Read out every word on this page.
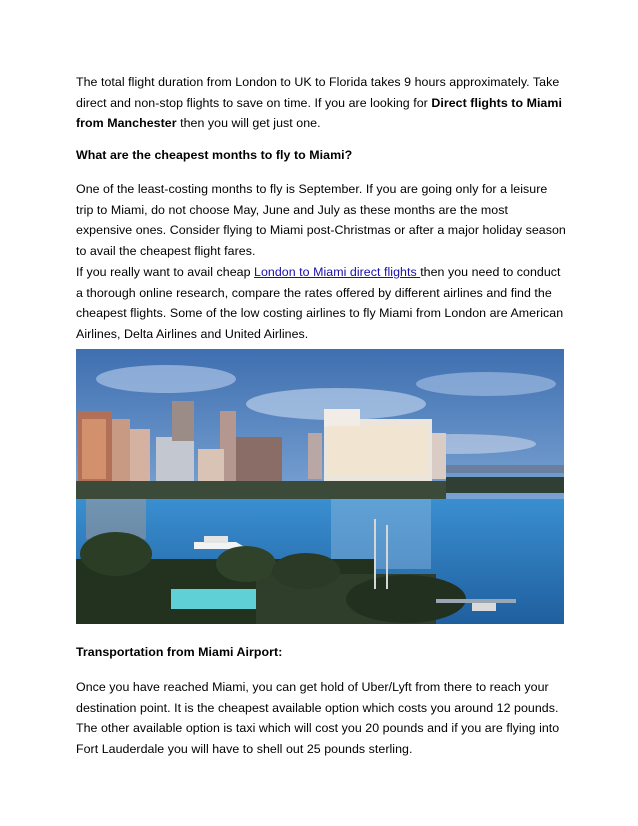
The total flight duration from London to UK to Florida takes 9 hours approximately. Take direct and non-stop flights to save on time. If you are looking for Direct flights to Miami from Manchester then you will get just one.

What are the cheapest months to fly to Miami?

One of the least-costing months to fly is September. If you are going only for a leisure trip to Miami, do not choose May, June and July as these months are the most expensive ones. Consider flying to Miami post-Christmas or after a major holiday season to avail the cheapest flight fares.

If you really want to avail cheap London to Miami direct flights then you need to conduct a thorough online research, compare the rates offered by different airlines and find the cheapest flights. Some of the low costing airlines to fly Miami from London are American Airlines, Delta Airlines and United Airlines.

Transportation from Miami Airport:

Once you have reached Miami, you can get hold of Uber/Lyft from there to reach your destination point. It is the cheapest available option which costs you around 12 pounds. The other available option is taxi which will cost you 20 pounds and if you are flying into Fort Lauderdale you will have to shell out 25 pounds sterling.
